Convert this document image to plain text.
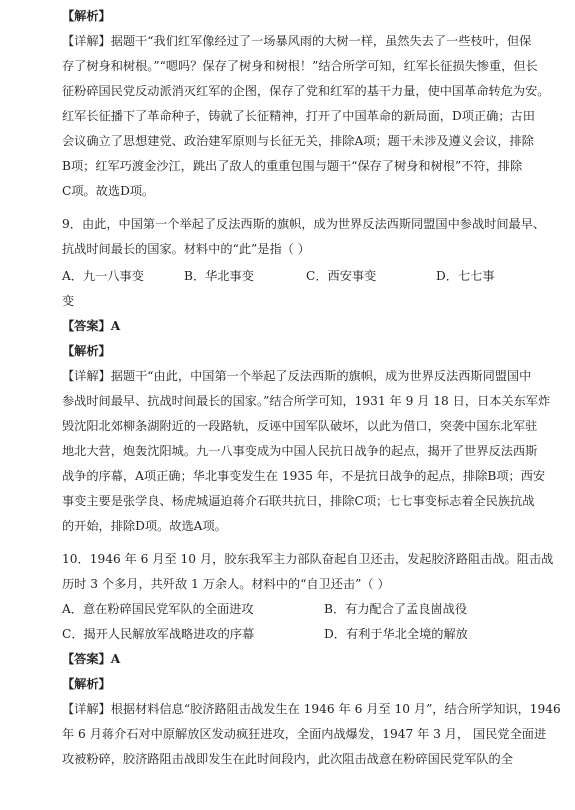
【解析】
【详解】据题干“我们红军像经过了一场暴风雨的大树一样，虽然失去了一些枝叶，但保
存了树身和树根。”“嗯吗？保存了树身和树根！”结合所学可知，红军长征损失惨重，但长
征粉碎国民党反动派消灭红军的企图，保存了党和红军的基干力量，使中国革命转危为安。
红军长征播下了革命种子，铸就了长征精神，打开了中国革命的新局面，D项正确；古田
会议确立了思想建党、政治建军原则与长征无关，排除A项；题干未涉及遵义会议，排除
B项；红军巧渡金沙江，跳出了敌人的重重包围与题干“保存了树身和树根”不符，排除
C项。故选D项。
9．由此，中国第一个举起了反法西斯的旗帜，成为世界反法西斯同盟国中参战时间最早、
抗战时间最长的国家。材料中的“此”是指（ ）
A．九一八事变	B．华北事变	C．西安事变	D．七七事
变
【答案】A
【解析】
【详解】据题干“由此，中国第一个举起了反法西斯的旗帜，成为世界反法西斯同盟国中
参战时间最早、抗战时间最长的国家。”结合所学可知，1931 年 9 月 18 日，日本关东军炸
毁沈阳北郊柳条湖附近的一段路轨，反诬中国军队破坏，以此为借口，突袭中国东北军驻
地北大营，炮轰沈阳城。九一八事变成为中国人民抗日战争的起点，揭开了世界反法西斯
战争的序幕，A项正确；华北事变发生在 1935 年，不是抗日战争的起点，排除B项；西安
事变主要是张学良、杨虎城逼迫蒋介石联共抗日，排除C项；七七事变标志着全民族抗战
的开始，排除D项。故选A项。
10．1946 年 6 月至 10 月，胶东我军主力部队奋起自卫还击，发起胶济路阻击战。阻击战
历时 3 个多月，共歼敌 1 万余人。材料中的“自卫还击”（ ）
A．意在粉碎国民党军队的全面进攻	B．有力配合了孟良崮战役
C．揭开人民解放军战略进攻的序幕	D．有利于华北全境的解放
【答案】A
【解析】
【详解】根据材料信息“胶济路阻击战发生在 1946 年 6 月至 10 月”，结合所学知识，1946
年 6 月蒋介石对中原解放区发动疯狂进攻，全面内战爆发，1947 年 3 月， 国民党全面进
攻被粉碎，胶济路阻击战即发生在此时间段内，此次阻击战意在粉碎国民党军队的全
